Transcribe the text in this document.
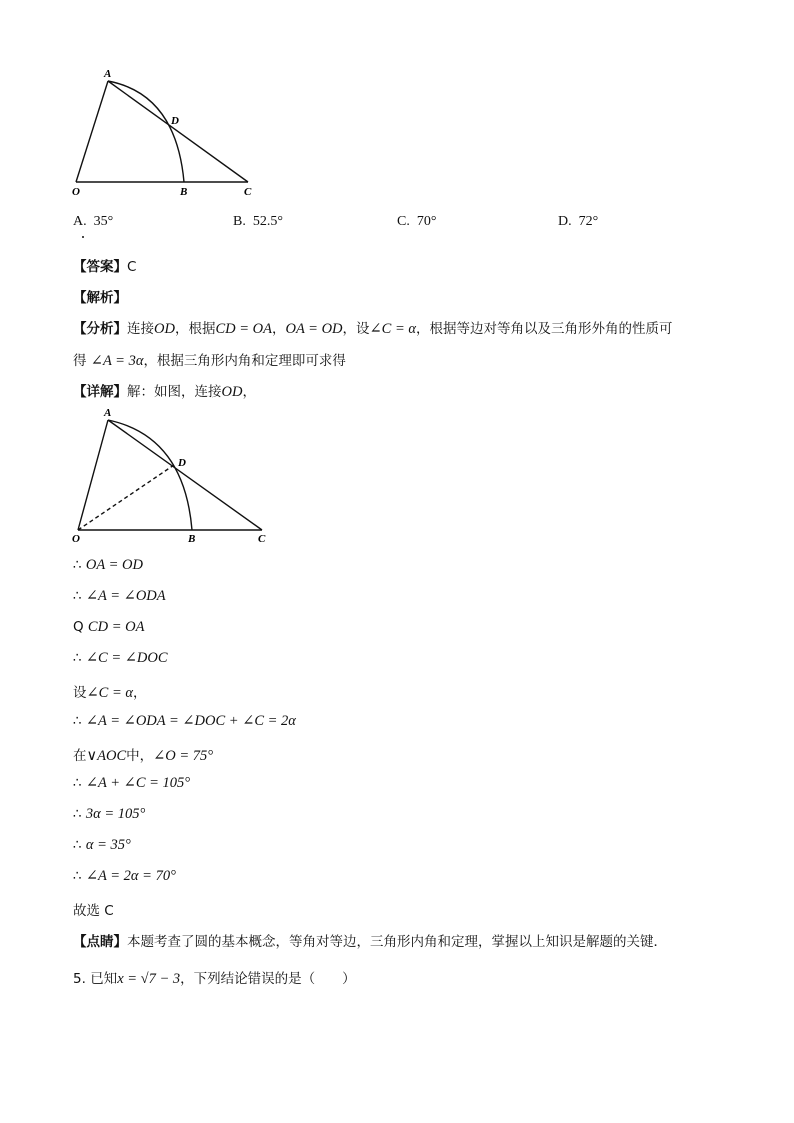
A
D
O	B	C
A. 35°	B. 52.5°	C. 70°	D. 72°
【答案】C
【解析】
【分析】连接OD，根据CD = OA，OA = OD，设∠C = α，根据等边对等角以及三角形外角的性质可
得 ∠A = 3α，根据三角形内角和定理即可求得
【详解】解：如图，连接OD，
A
D
O	B	C
∴ OA = OD
∴ ∠A = ∠ODA
Q CD = OA
∴ ∠C = ∠DOC
设∠C = α，
∴ ∠A = ∠ODA = ∠DOC + ∠C = 2α
在∨AOC中，∠O = 75°
∴ ∠A + ∠C = 105°
∴ 3α = 105°
∴ α = 35°
∴ ∠A = 2α = 70°
故选 C
【点睛】本题考查了圆的基本概念，等角对等边，三角形内角和定理，掌握以上知识是解题的关键．
5. 已知x = √7 − 3，下列结论错误的是（　　）
